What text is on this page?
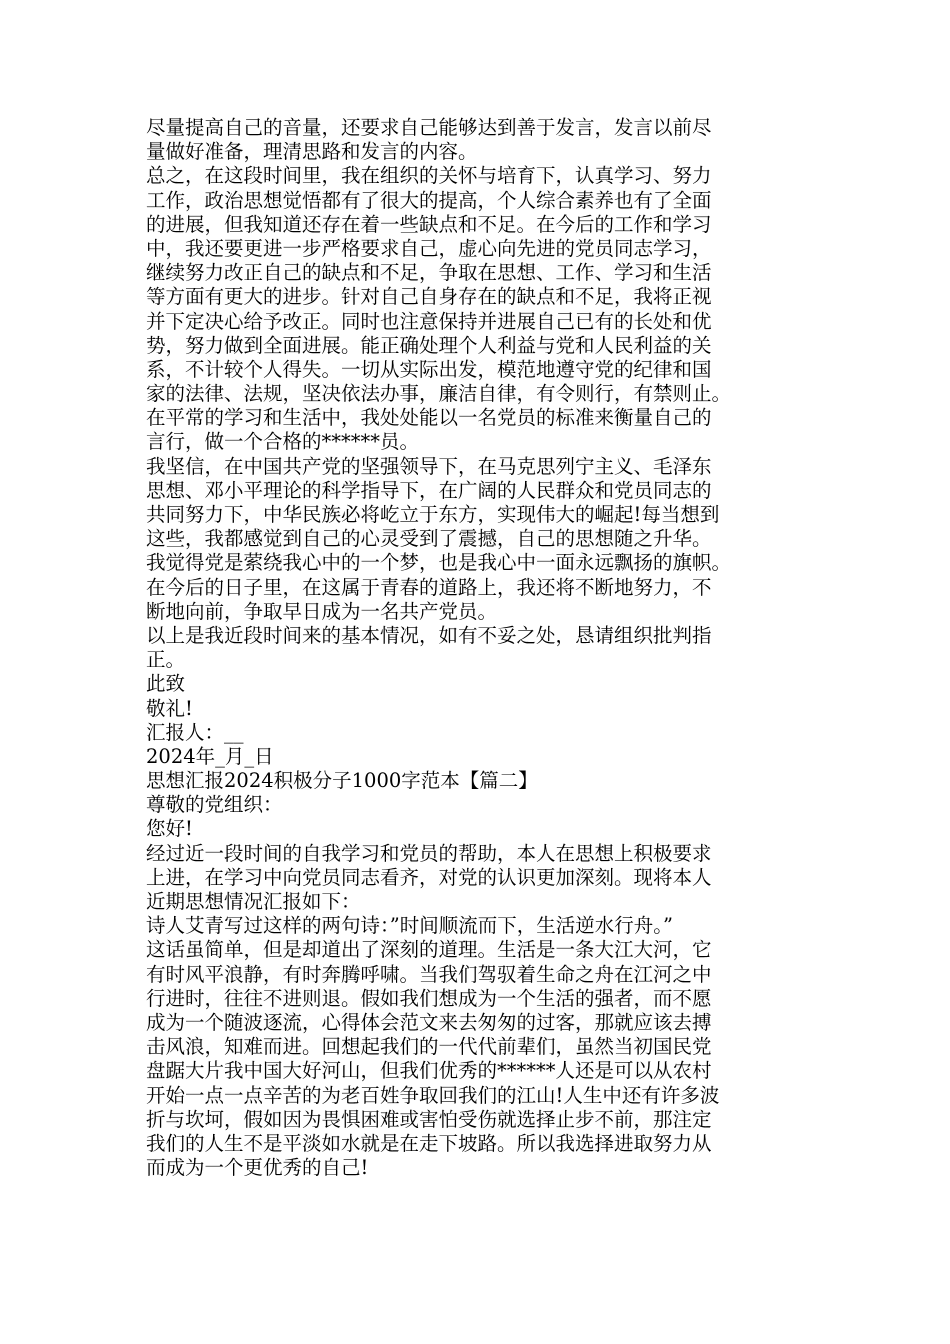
尽量提高自己的音量，还要求自己能够达到善于发言，发言以前尽
量做好准备，理清思路和发言的内容。
总之，在这段时间里，我在组织的关怀与培育下，认真学习、努力
工作，政治思想觉悟都有了很大的提高，个人综合素养也有了全面
的进展，但我知道还存在着一些缺点和不足。在今后的工作和学习
中，我还要更进一步严格要求自己，虚心向先进的党员同志学习，
继续努力改正自己的缺点和不足，争取在思想、工作、学习和生活
等方面有更大的进步。针对自己自身存在的缺点和不足，我将正视
并下定决心给予改正。同时也注意保持并进展自己已有的长处和优
势，努力做到全面进展。能正确处理个人利益与党和人民利益的关
系，不计较个人得失。一切从实际出发，模范地遵守党的纪律和国
家的法律、法规，坚决依法办事，廉洁自律，有令则行，有禁则止。
在平常的学习和生活中，我处处能以一名党员的标准来衡量自己的
言行，做一个合格的******员。
我坚信，在中国共产党的坚强领导下，在马克思列宁主义、毛泽东
思想、邓小平理论的科学指导下，在广阔的人民群众和党员同志的
共同努力下，中华民族必将屹立于东方，实现伟大的崛起!每当想到
这些，我都感觉到自己的心灵受到了震撼，自己的思想随之升华。
我觉得党是萦绕我心中的一个梦，也是我心中一面永远飘扬的旗帜。
在今后的日子里，在这属于青春的道路上，我还将不断地努力，不
断地向前，争取早日成为一名共产党员。
以上是我近段时间来的基本情况，如有不妥之处，恳请组织批判指
正。
此致
敬礼!
汇报人：__
2024年_月_日
思想汇报2024积极分子1000字范本【篇二】
尊敬的党组织：
您好!
经过近一段时间的自我学习和党员的帮助，本人在思想上积极要求
上进，在学习中向党员同志看齐，对党的认识更加深刻。现将本人
近期思想情况汇报如下：
诗人艾青写过这样的两句诗：”时间顺流而下，生活逆水行舟。”
这话虽简单，但是却道出了深刻的道理。生活是一条大江大河，它
有时风平浪静，有时奔腾呼啸。当我们驾驭着生命之舟在江河之中
行进时，往往不进则退。假如我们想成为一个生活的强者，而不愿
成为一个随波逐流，心得体会范文来去匆匆的过客，那就应该去搏
击风浪，知难而进。回想起我们的一代代前辈们，虽然当初国民党
盘踞大片我中国大好河山，但我们优秀的******人还是可以从农村
开始一点一点辛苦的为老百姓争取回我们的江山!人生中还有许多波
折与坎坷，假如因为畏惧困难或害怕受伤就选择止步不前，那注定
我们的人生不是平淡如水就是在走下坡路。所以我选择进取努力从
而成为一个更优秀的自己!
